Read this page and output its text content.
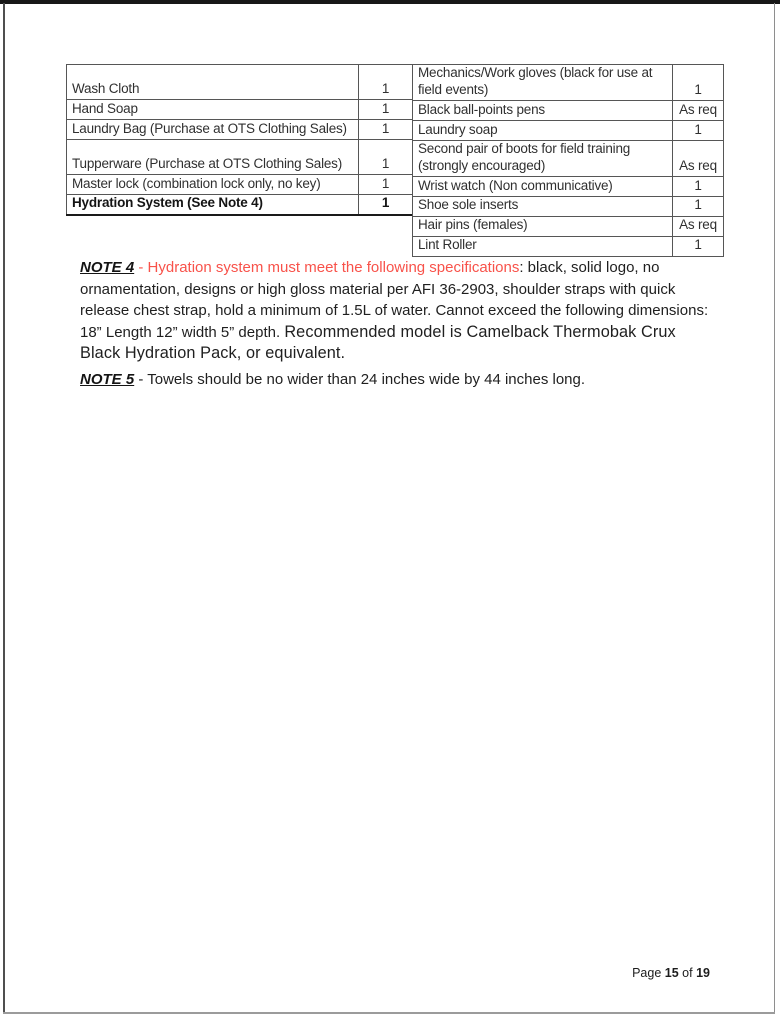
Wash Cloth	1
Hand Soap	1
Laundry Bag (Purchase at OTS Clothing Sales)	1
Tupperware (Purchase at OTS Clothing Sales)	1
Master lock (combination lock only, no key)	1
Hydration System (See Note 4)	1
Mechanics/Work gloves (black for use at field events)	1
Black ball-points pens	As req
Laundry soap	1
Second pair of boots for field training (strongly encouraged)	As req
Wrist watch (Non communicative)	1
Shoe sole inserts	1
Hair pins (females)	As req
Lint Roller	1

NOTE 4 - Hydration system must meet the following specifications: black, solid logo, no ornamentation, designs or high gloss material per AFI 36-2903, shoulder straps with quick release chest strap, hold a minimum of 1.5L of water. Cannot exceed the following dimensions: 18” Length 12” width 5” depth. Recommended model is Camelback Thermobak Crux Black Hydration Pack, or equivalent.

NOTE 5 - Towels should be no wider than 24 inches wide by 44 inches long.

Page 15 of 19
